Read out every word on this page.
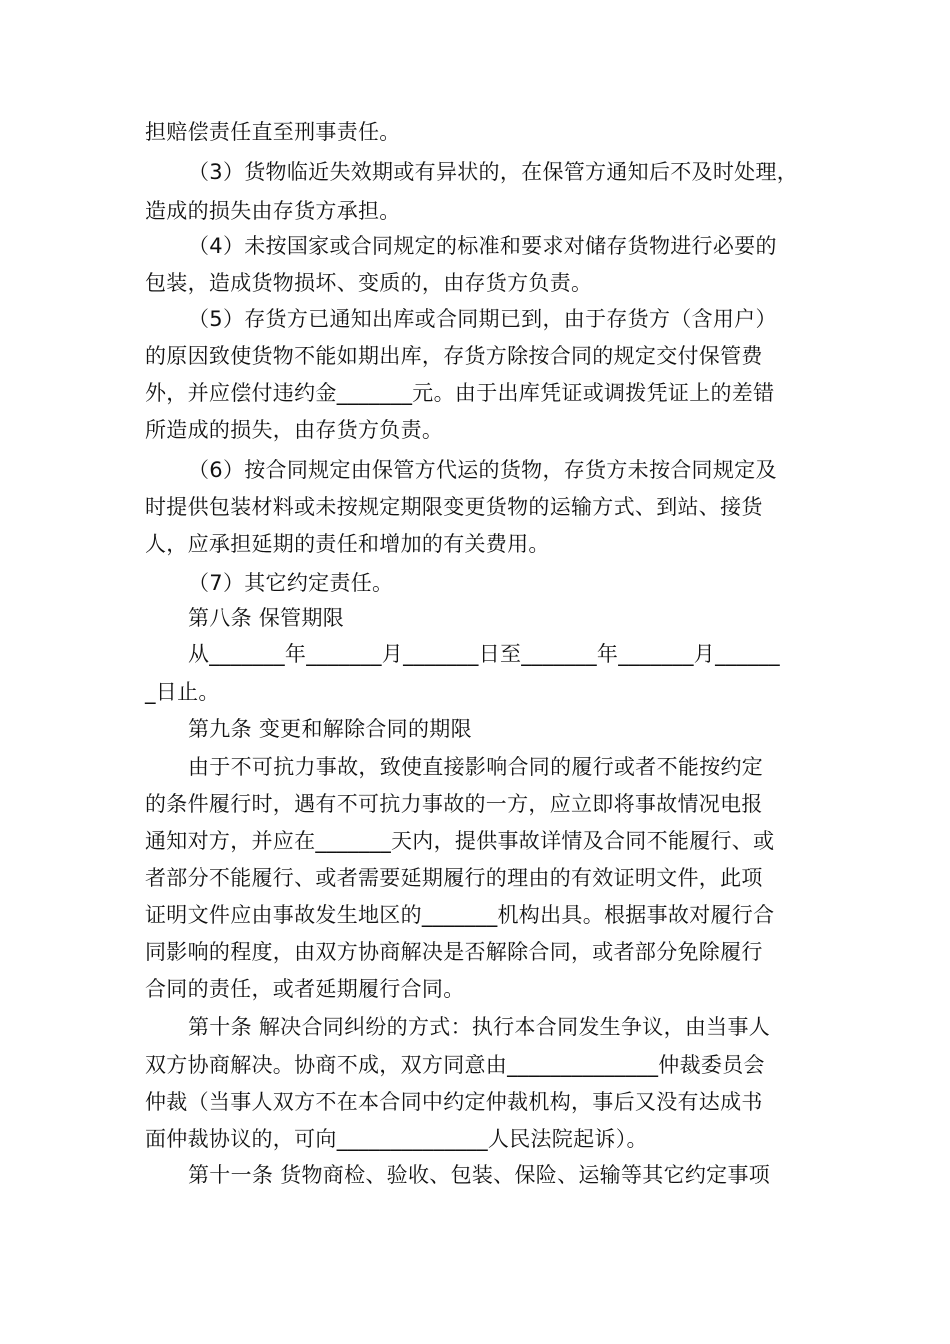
担赔偿责任直至刑事责任。
（3）货物临近失效期或有异状的，在保管方通知后不及时处理，
造成的损失由存货方承担。
（4）未按国家或合同规定的标准和要求对储存货物进行必要的
包装，造成货物损坏、变质的，由存货方负责。
（5）存货方已通知出库或合同期已到，由于存货方（含用户）
的原因致使货物不能如期出库，存货方除按合同的规定交付保管费
外，并应偿付违约金_______元。由于出库凭证或调拨凭证上的差错
所造成的损失，由存货方负责。
（6）按合同规定由保管方代运的货物，存货方未按合同规定及
时提供包装材料或未按规定期限变更货物的运输方式、到站、接货
人，应承担延期的责任和增加的有关费用。
（7）其它约定责任。
第八条 保管期限
从_______年_______月_______日至_______年_______月______
_日止。
第九条 变更和解除合同的期限
由于不可抗力事故，致使直接影响合同的履行或者不能按约定
的条件履行时，遇有不可抗力事故的一方，应立即将事故情况电报
通知对方，并应在_______天内，提供事故详情及合同不能履行、或
者部分不能履行、或者需要延期履行的理由的有效证明文件，此项
证明文件应由事故发生地区的_______机构出具。根据事故对履行合
同影响的程度，由双方协商解决是否解除合同，或者部分免除履行
合同的责任，或者延期履行合同。
第十条 解决合同纠纷的方式：执行本合同发生争议，由当事人
双方协商解决。协商不成，双方同意由______________仲裁委员会
仲裁（当事人双方不在本合同中约定仲裁机构，事后又没有达成书
面仲裁协议的，可向______________人民法院起诉）。
第十一条 货物商检、验收、包装、保险、运输等其它约定事项
